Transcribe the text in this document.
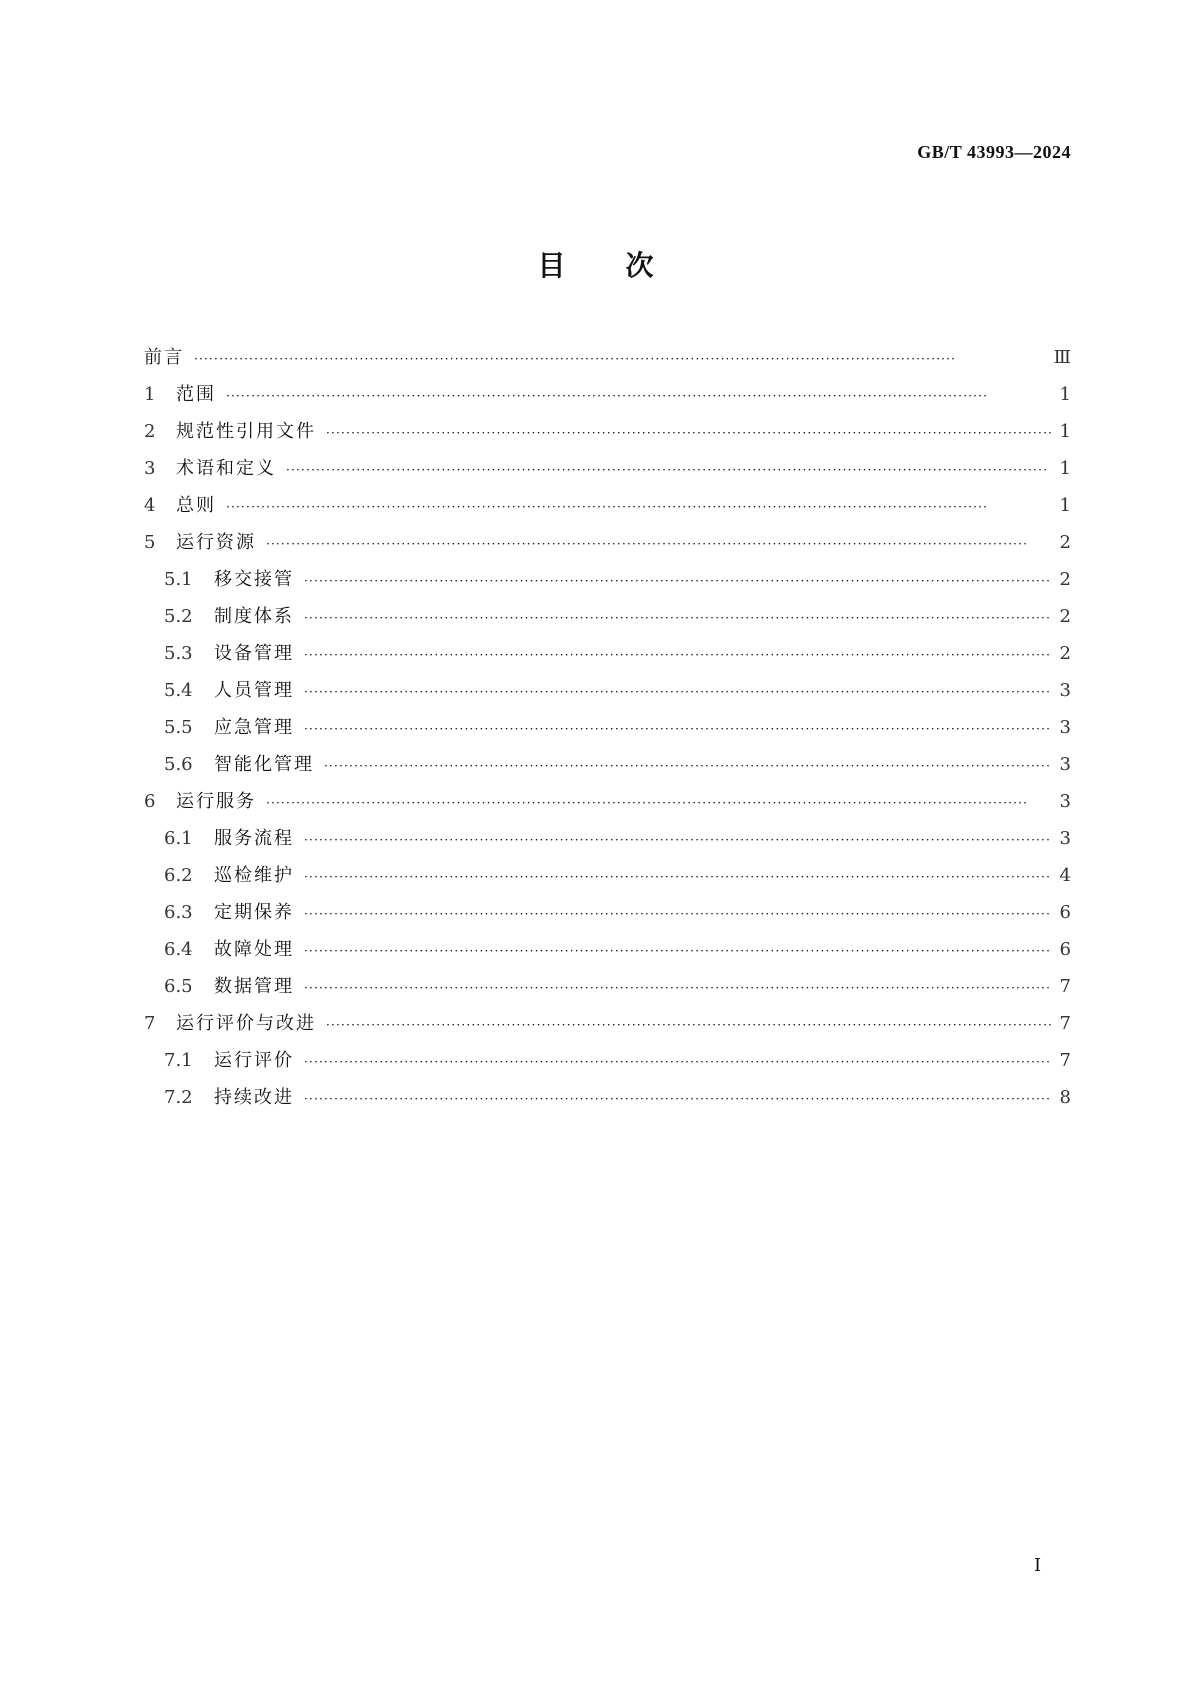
GB/T 43993—2024
目 次
前言 ·····	Ⅲ
1	范围 ·····	1
2	规范性引用文件 ·····	1
3	术语和定义 ·····	1
4	总则 ·····	1
5	运行资源 ·····	2
5.1	移交接管 ·····	2
5.2	制度体系 ·····	2
5.3	设备管理 ·····	2
5.4	人员管理 ·····	3
5.5	应急管理 ·····	3
5.6	智能化管理 ·····	3
6	运行服务 ·····	3
6.1	服务流程 ·····	3
6.2	巡检维护 ·····	4
6.3	定期保养 ·····	6
6.4	故障处理 ·····	6
6.5	数据管理 ·····	7
7	运行评价与改进 ·····	7
7.1	运行评价 ·····	7
7.2	持续改进 ·····	8
I
